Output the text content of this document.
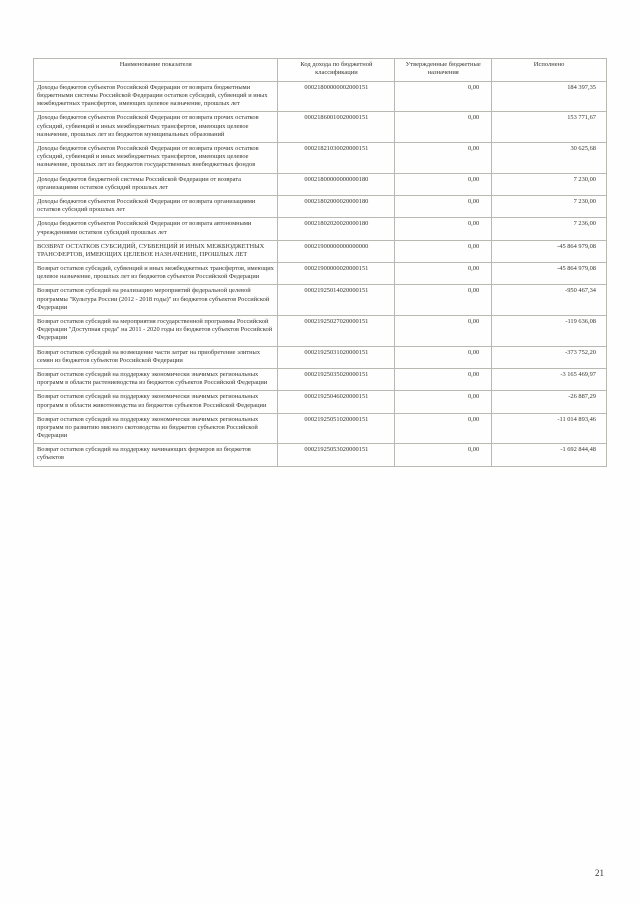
Наименование показателя	Код дохода по бюджетной классификации	Утвержденные бюджетные назначения	Исполнено
Доходы бюджетов субъектов Российской Федерации от возврата бюджетными бюджетными системы Российской Федерации остатков субсидий, субвенций и иных межбюджетных трансфертов, имеющих целевое назначение, прошлых лет	00021800000002000151	0,00	184 397,35
Доходы бюджетов субъектов Российской Федерации от возврата прочих остатков субсидий, субвенций и иных межбюджетных трансфертов, имеющих целевое назначение, прошлых лет из бюджетов муниципальных образований	00021860010020000151	0,00	153 771,67
Доходы бюджетов субъектов Российской Федерации от возврата прочих остатков субсидий, субвенций и иных межбюджетных трансфертов, имеющих целевое назначение, прошлых лет из бюджетов государственных внебюджетных фондов	00021821030020000151	0,00	30 625,68
Доходы бюджетов бюджетной системы Российской Федерации от возврата организациями остатков субсидий прошлых лет	00021800000000000180	0,00	7 230,00
Доходы бюджетов субъектов Российской Федерации от возврата организациями остатков субсидий прошлых лет	00021802000020000180	0,00	7 230,00
Доходы бюджетов субъектов Российской Федерации от возврата автономными учреждениями остатков субсидий прошлых лет	00021802020020000180	0,00	7 236,00
ВОЗВРАТ ОСТАТКОВ СУБСИДИЙ, СУБВЕНЦИЙ И ИНЫХ МЕЖБЮДЖЕТНЫХ ТРАНСФЕРТОВ, ИМЕЮЩИХ ЦЕЛЕВОЕ НАЗНАЧЕНИЕ, ПРОШЛЫХ ЛЕТ	00021900000000000000	0,00	-45 864 979,08
Возврат остатков субсидий, субвенций и иных межбюджетных трансфертов, имеющих целевое назначение, прошлых лет из бюджетов субъектов Российской Федерации	00021900000020000151	0,00	-45 864 979,08
Возврат остатков субсидий на реализацию мероприятий федеральной целевой программы "Культура России (2012 - 2018 годы)" из бюджетов субъектов Российской Федерации	00021925014020000151	0,00	-950 467,34
Возврат остатков субсидий на мероприятия государственной программы Российской Федерации "Доступная среда" на 2011 - 2020 годы из бюджетов субъектов Российской Федерации	00021925027020000151	0,00	-119 636,08
Возврат остатков субсидий на возмещение части затрат на приобретение элитных семян из бюджетов субъектов Российской Федерации	00021925031020000151	0,00	-373 752,20
Возврат остатков субсидий на поддержку экономически значимых региональных программ в области растениеводства из бюджетов субъектов Российской Федерации	00021925035020000151	0,00	-3 165 469,97
Возврат остатков субсидий на поддержку экономически значимых региональных программ в области животноводства из бюджетов субъектов Российской Федерации	00021925046020000151	0,00	-26 887,29
Возврат остатков субсидий на поддержку экономически значимых региональных программ по развитию мясного скотоводства из бюджетов субъектов Российской Федерации	00021925051020000151	0,00	-11 014 893,46
Возврат остатков субсидий на поддержку начинающих фермеров из бюджетов субъектов	00021925053020000151	0,00	-1 692 844,48
21
